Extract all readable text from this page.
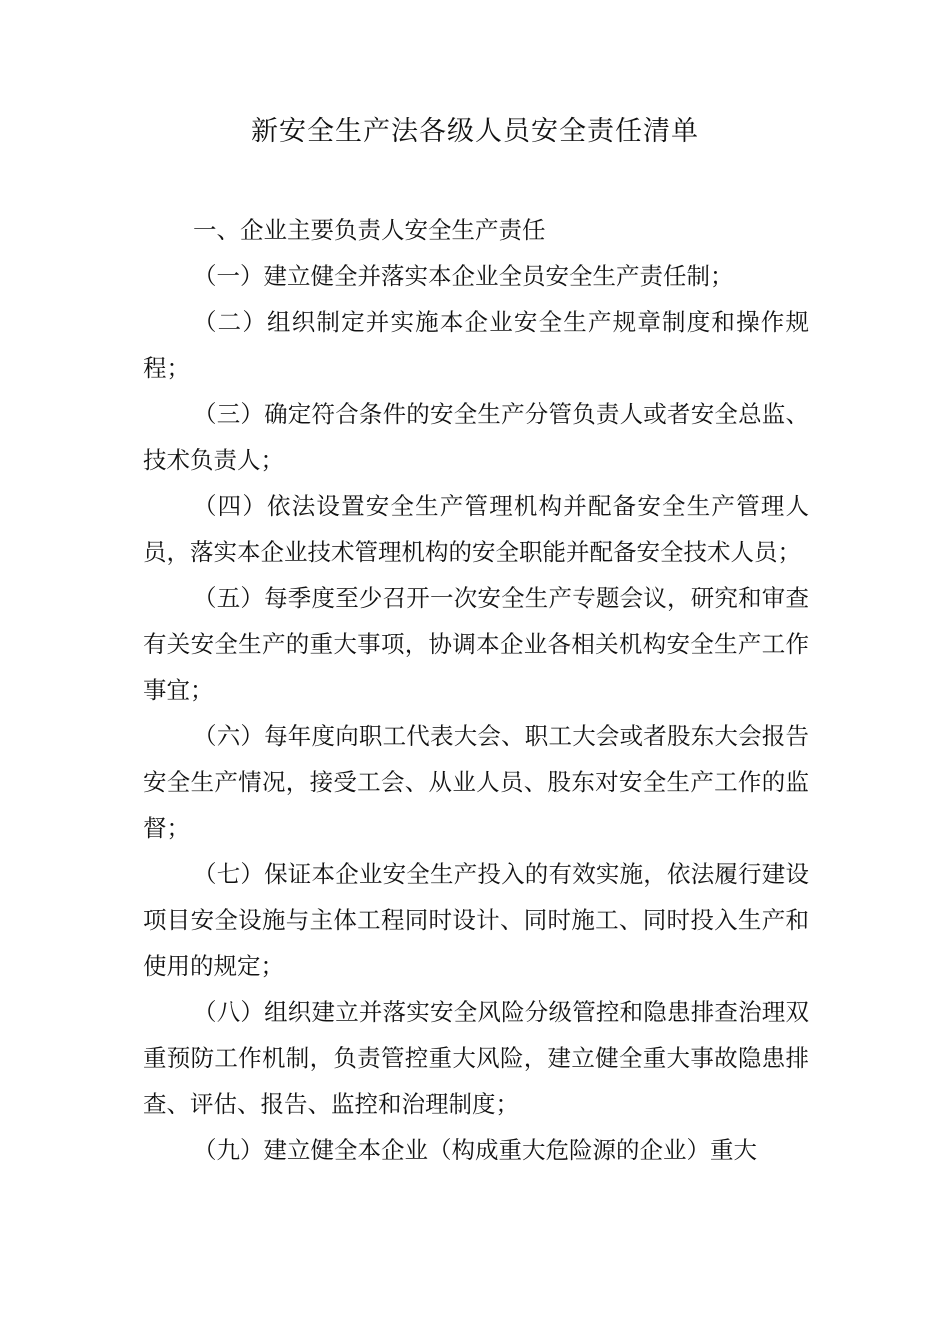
新安全生产法各级人员安全责任清单

一、企业主要负责人安全生产责任

（一）建立健全并落实本企业全员安全生产责任制；

（二）组织制定并实施本企业安全生产规章制度和操作规程；

（三）确定符合条件的安全生产分管负责人或者安全总监、技术负责人；

（四）依法设置安全生产管理机构并配备安全生产管理人员，落实本企业技术管理机构的安全职能并配备安全技术人员；

（五）每季度至少召开一次安全生产专题会议，研究和审查有关安全生产的重大事项，协调本企业各相关机构安全生产工作事宜；

（六）每年度向职工代表大会、职工大会或者股东大会报告安全生产情况，接受工会、从业人员、股东对安全生产工作的监督；

（七）保证本企业安全生产投入的有效实施，依法履行建设项目安全设施与主体工程同时设计、同时施工、同时投入生产和使用的规定；

（八）组织建立并落实安全风险分级管控和隐患排查治理双重预防工作机制，负责管控重大风险，建立健全重大事故隐患排查、评估、报告、监控和治理制度；

（九）建立健全本企业（构成重大危险源的企业）重大
